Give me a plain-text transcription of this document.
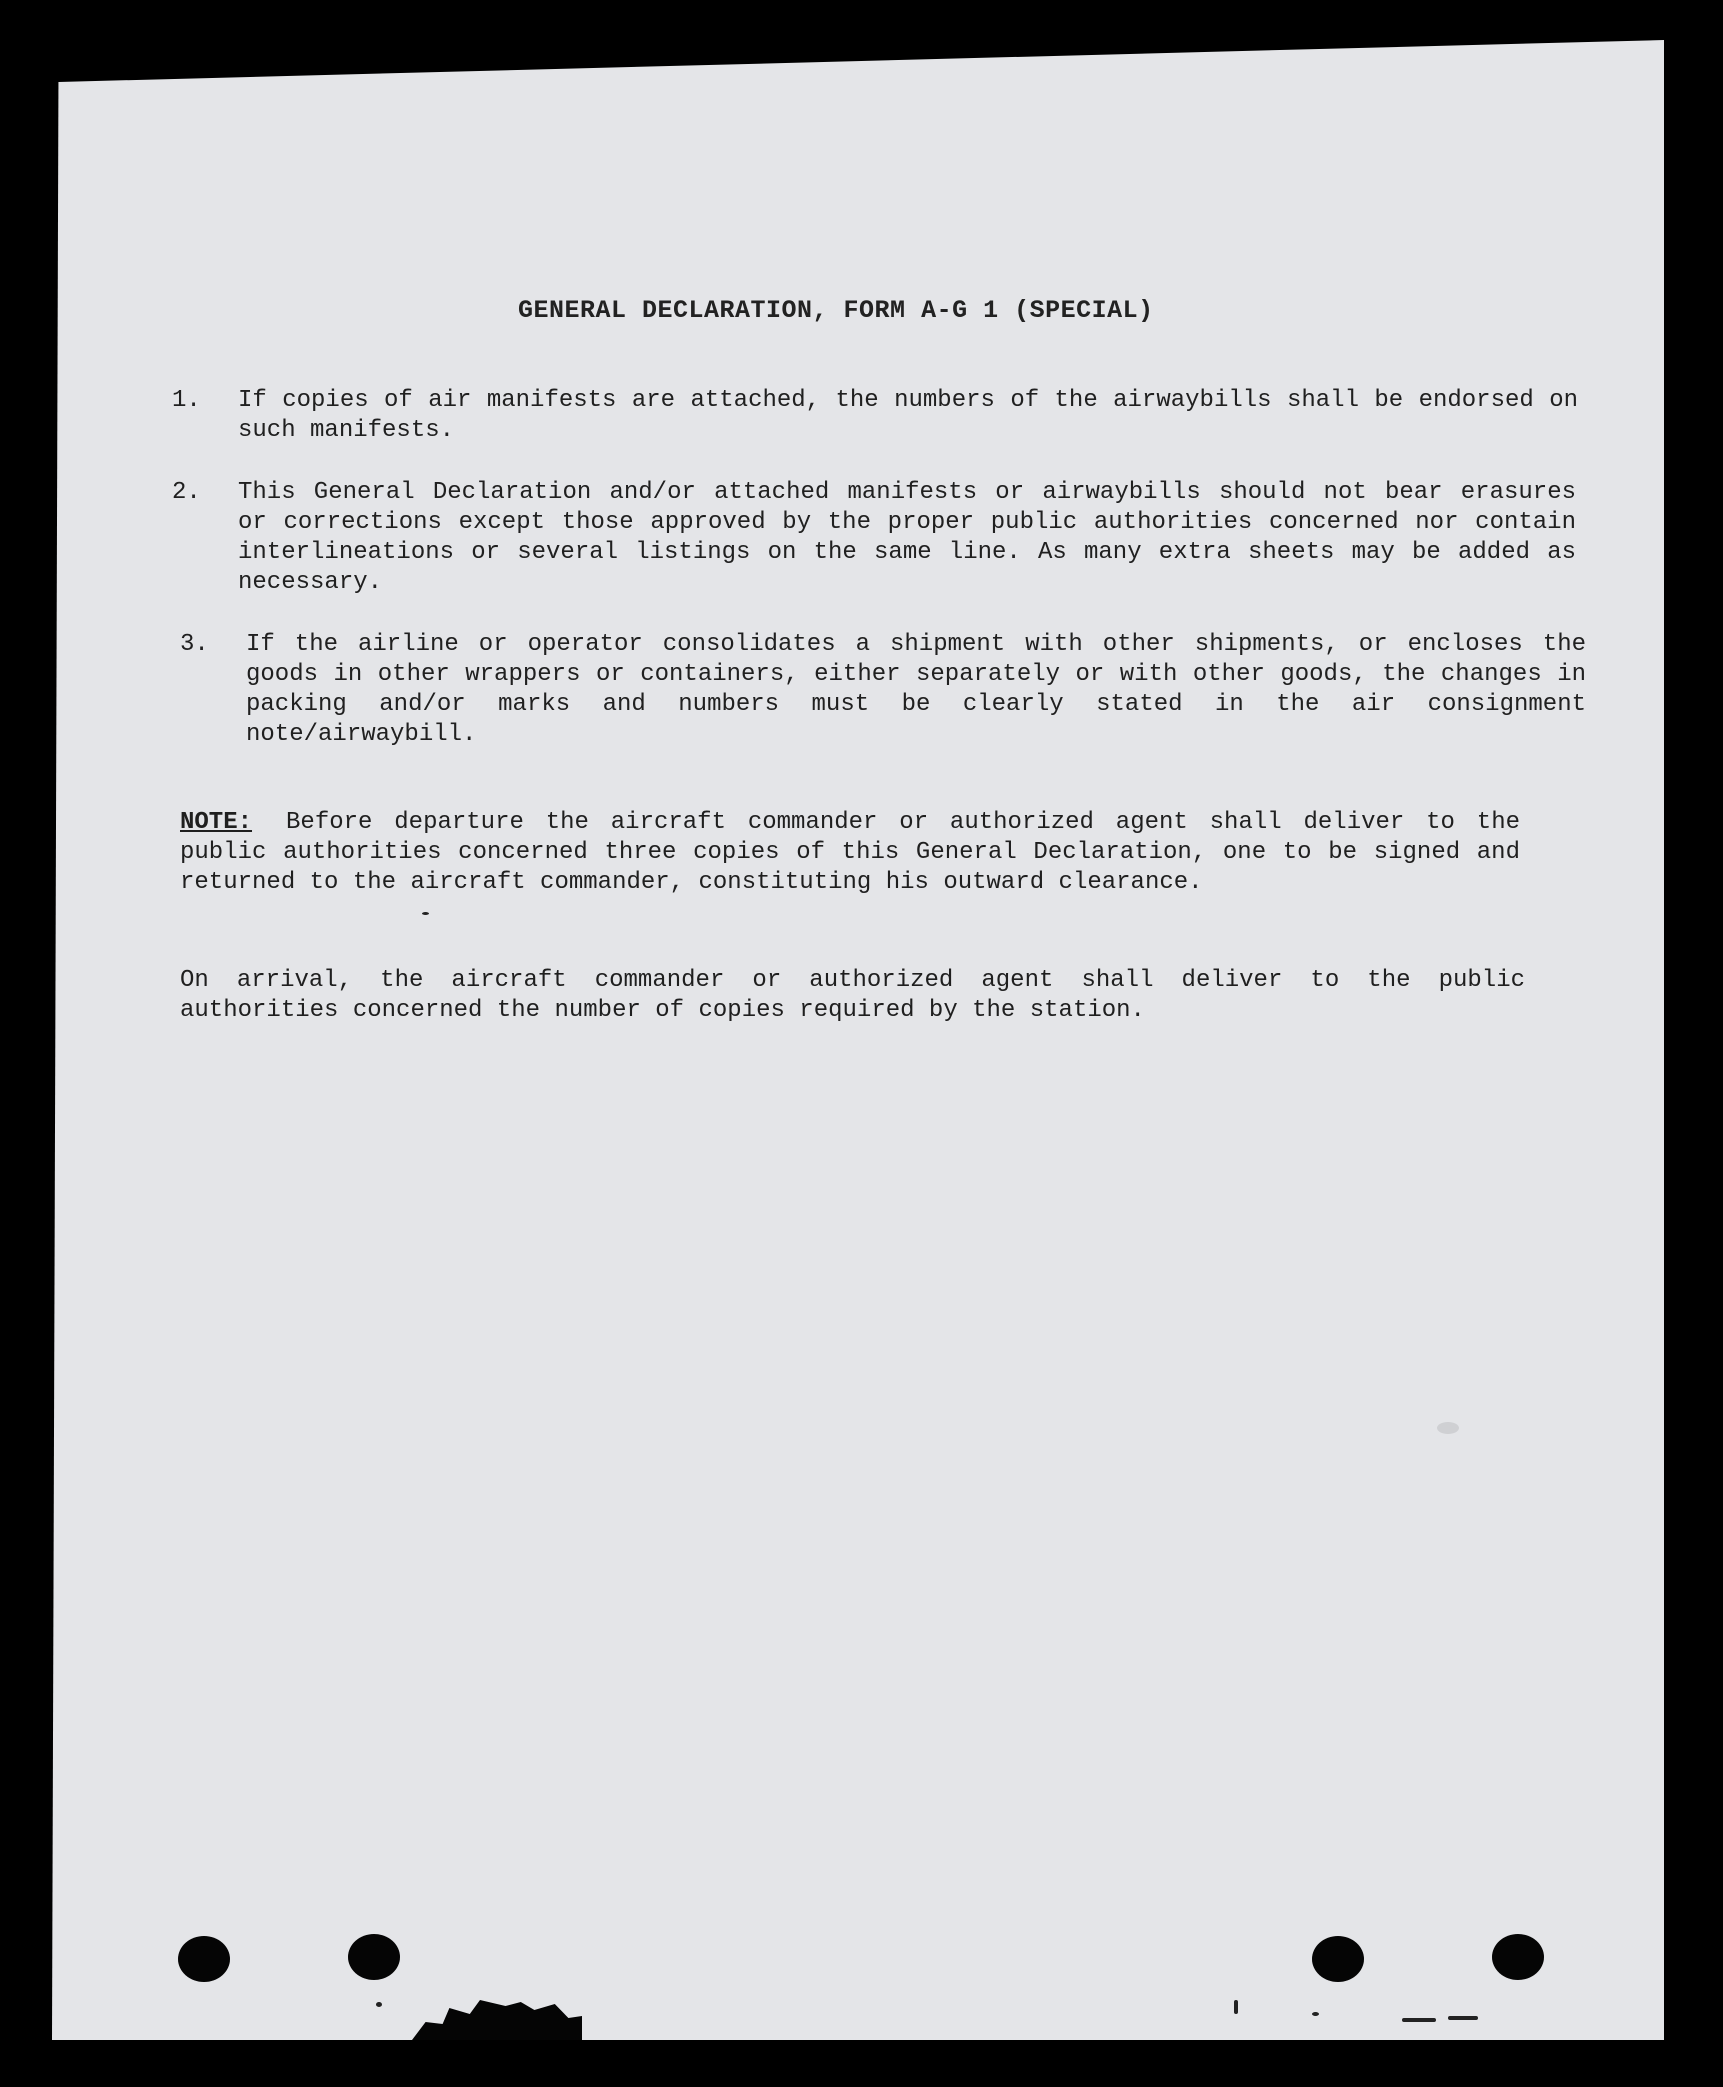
GENERAL DECLARATION, FORM A-G 1 (SPECIAL)

1.

If copies of air manifests are attached, the numbers of the airwaybills shall be endorsed on such manifests.

2.

This General Declaration and/or attached manifests or airwaybills should not bear erasures or corrections except those approved by the proper public authorities concerned nor contain interlineations or several listings on the same line. As many extra sheets may be added as necessary.

3.

If the airline or operator consolidates a shipment with other shipments, or encloses the goods in other wrappers or containers, either separately or with other goods, the changes in packing and/or marks and numbers must be clearly stated in the air consignment note/airwaybill.

NOTE: Before departure the aircraft commander or authorized agent shall deliver to the public authorities concerned three copies of this General Declaration, one to be signed and returned to the aircraft commander, constituting his outward clearance.
On arrival, the aircraft commander or authorized agent shall deliver to the public authorities concerned the number of copies required by the station.
